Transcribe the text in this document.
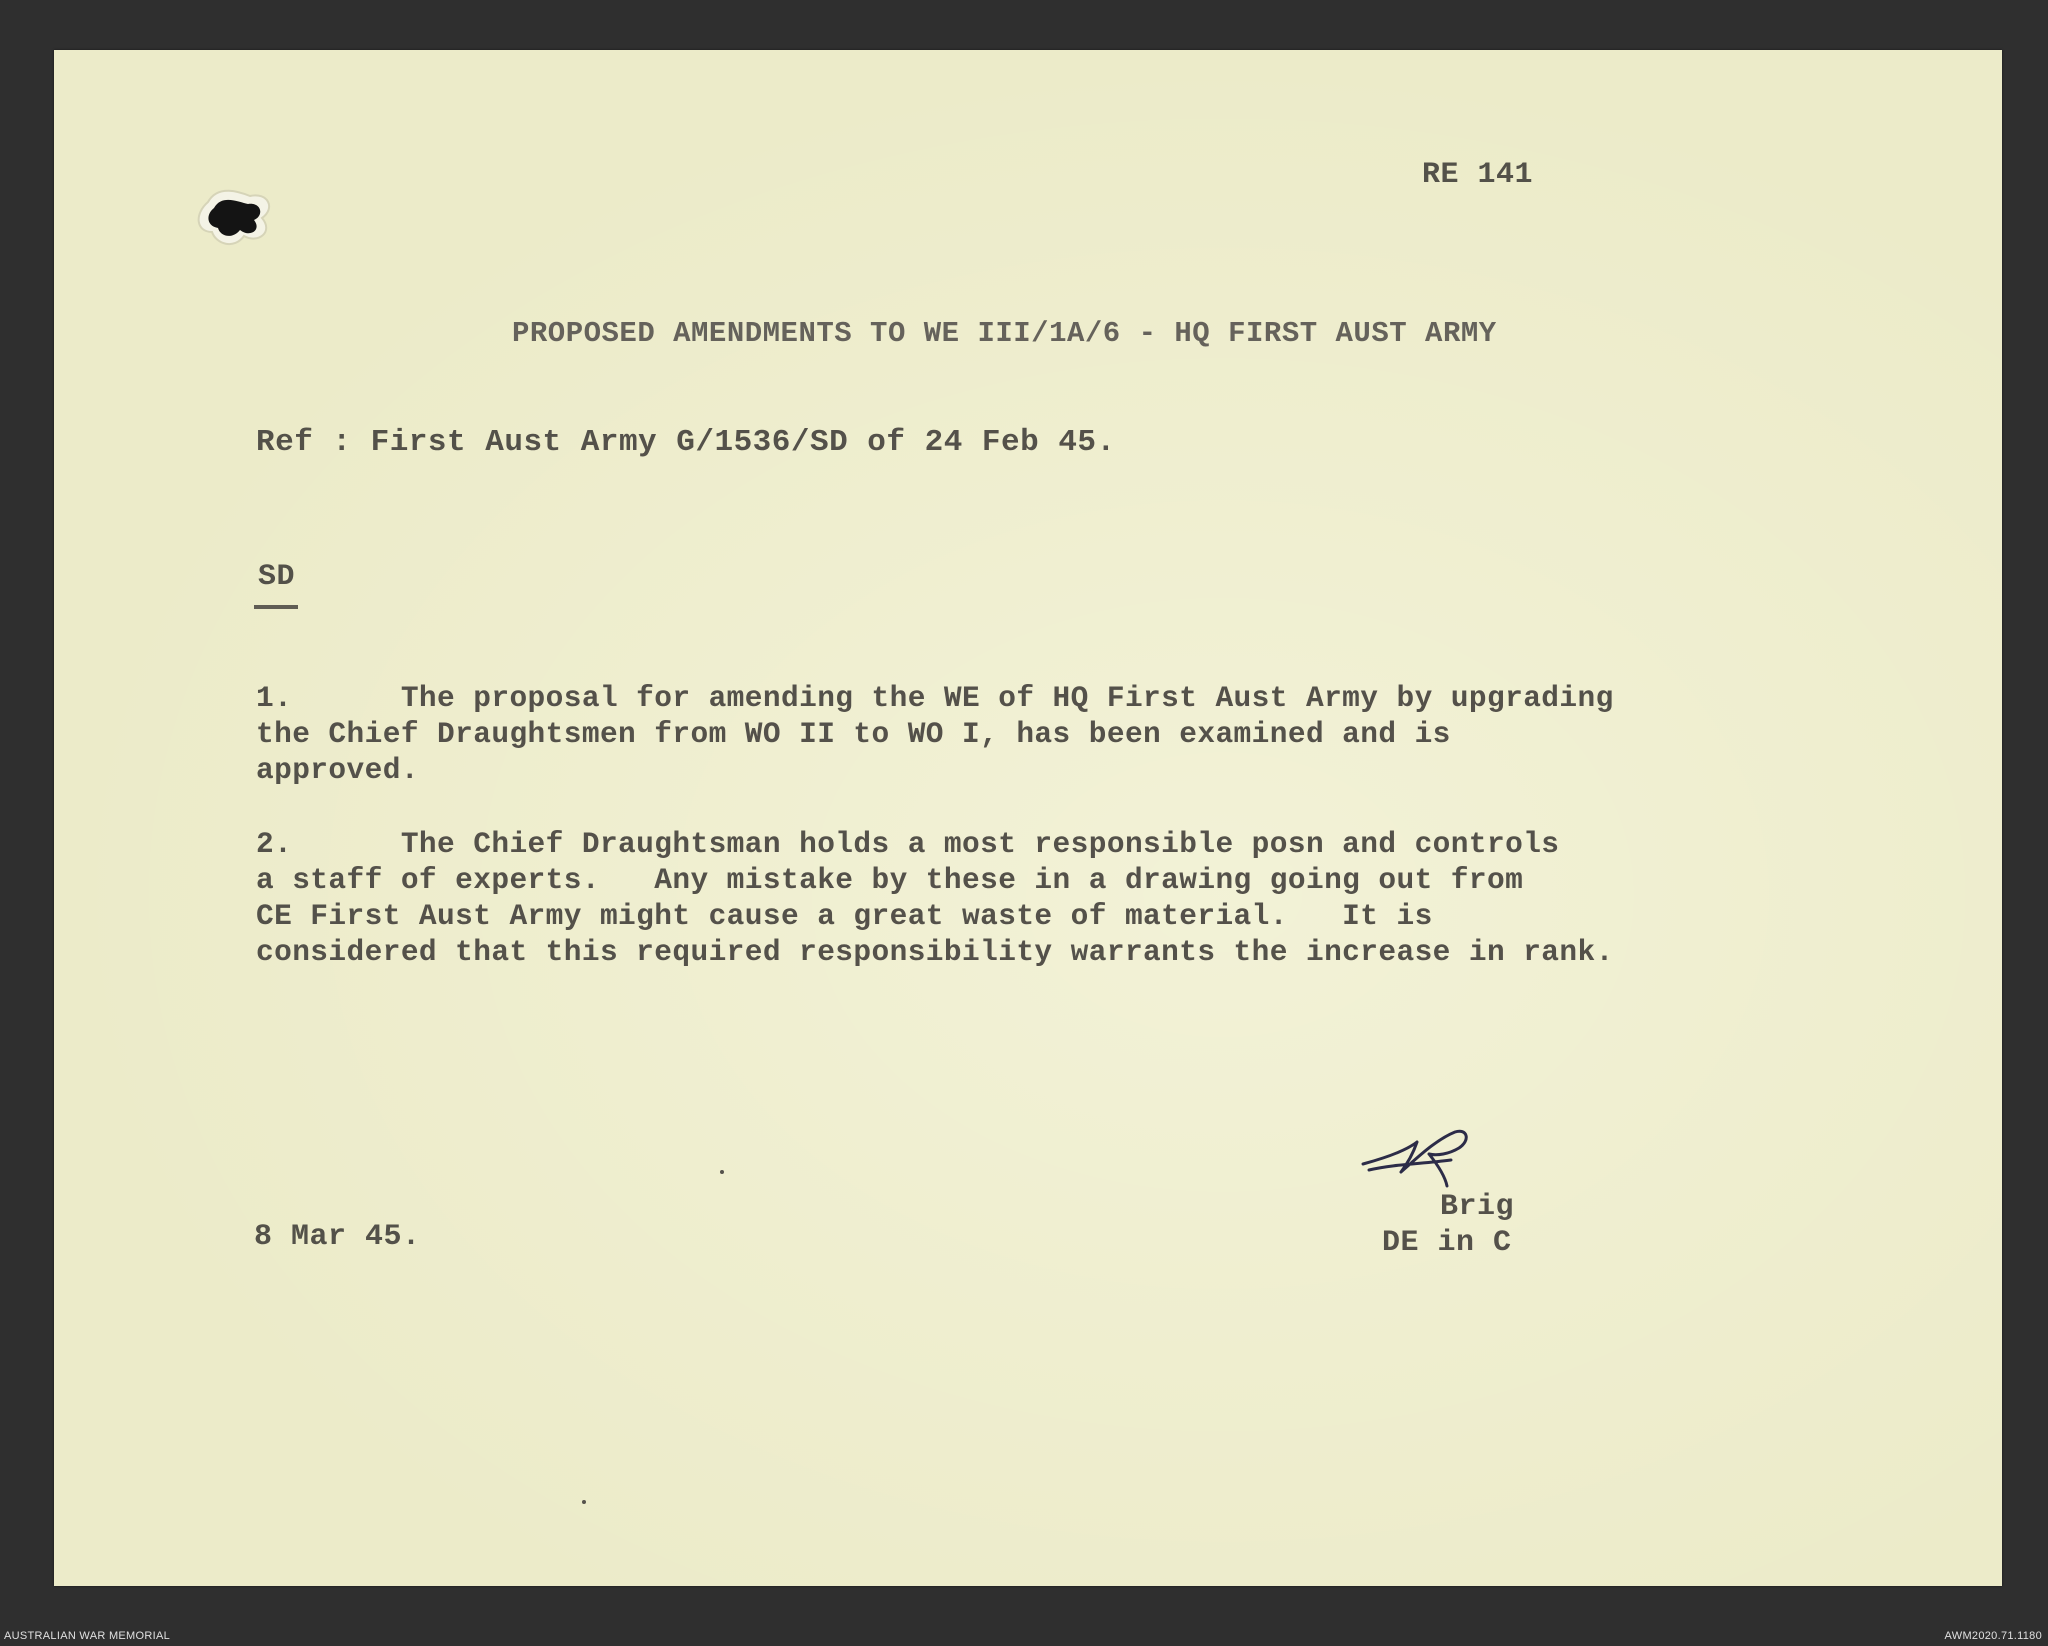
RE 141
PROPOSED AMENDMENTS TO WE III/1A/6 - HQ FIRST AUST ARMY
Ref : First Aust Army G/1536/SD of 24 Feb 45.
SD
1.      The proposal for amending the WE of HQ First Aust Army by upgrading
the Chief Draughtsmen from WO II to WO I, has been examined and is
approved.
2.      The Chief Draughtsman holds a most responsible posn and controls
a staff of experts.   Any mistake by these in a drawing going out from
CE First Aust Army might cause a great waste of material.   It is
considered that this required responsibility warrants the increase in rank.
8 Mar 45.
Brig
DE in C
AUSTRALIAN WAR MEMORIAL	AWM2020.71.1180
